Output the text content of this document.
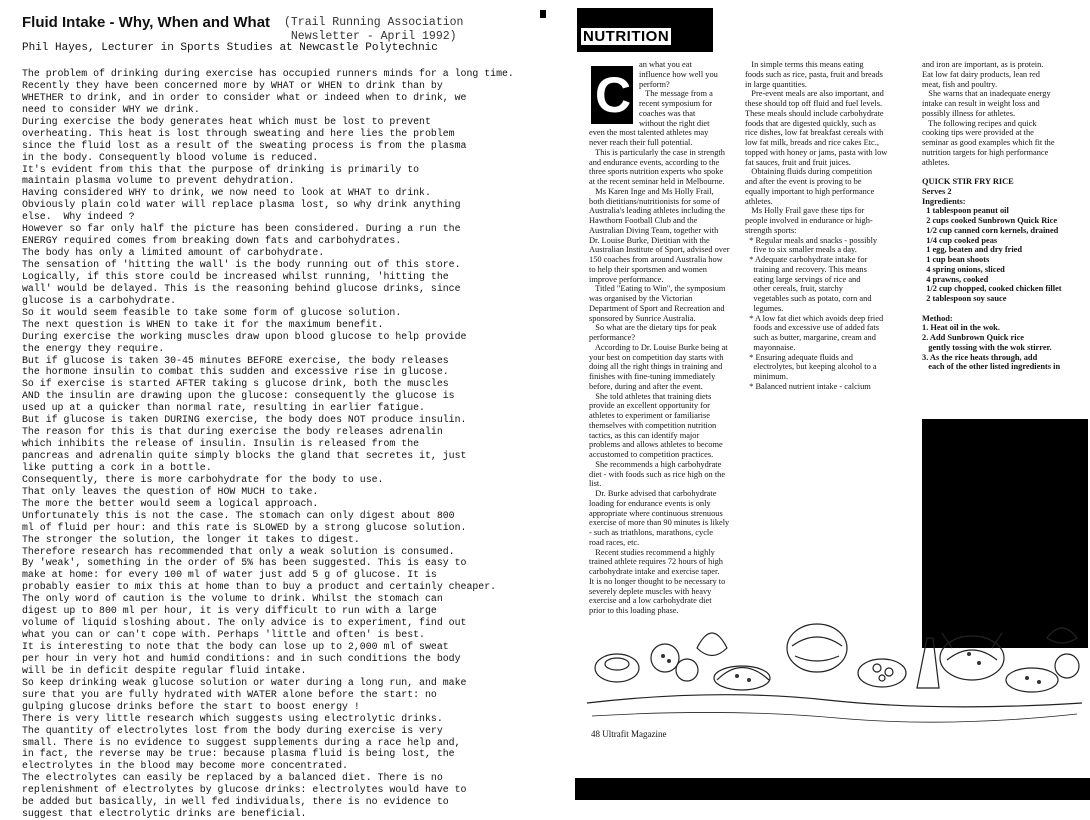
Fluid Intake - Why, When and What (Trail Running Association
Newsletter - April 1992)
Phil Hayes, Lecturer in Sports Studies at Newcastle Polytechnic
The problem of drinking during exercise has occupied runners minds for a long time.
Recently they have been concerned more by WHAT or WHEN to drink than by
WHETHER to drink, and in order to consider what or indeed when to drink, we
need to consider WHY we drink.
During exercise the body generates heat which must be lost to prevent
overheating. This heat is lost through sweating and here lies the problem
since the fluid lost as a result of the sweating process is from the plasma
in the body. Consequently blood volume is reduced.
It's evident from this that the purpose of drinking is primarily to
maintain plasma volume to prevent dehydration.
Having considered WHY to drink, we now need to look at WHAT to drink.
Obviously plain cold water will replace plasma lost, so why drink anything
else.  Why indeed ?
However so far only half the picture has been considered. During a run the
ENERGY required comes from breaking down fats and carbohydrates.
The body has only a limited amount of carbohydrate.
The sensation of 'hitting the wall' is the body running out of this store.
Logically, if this store could be increased whilst running, 'hitting the
wall' would be delayed. This is the reasoning behind glucose drinks, since
glucose is a carbohydrate.
So it would seem feasible to take some form of glucose solution.
The next question is WHEN to take it for the maximum benefit.
During exercise the working muscles draw upon blood glucose to help provide
the energy they require.
But if glucose is taken 30-45 minutes BEFORE exercise, the body releases
the hormone insulin to combat this sudden and excessive rise in glucose.
So if exercise is started AFTER taking s glucose drink, both the muscles
AND the insulin are drawing upon the glucose: consequently the glucose is
used up at a quicker than normal rate, resulting in earlier fatigue.
But if glucose is taken DURING exercise, the body does NOT produce insulin.
The reason for this is that during exercise the body releases adrenalin
which inhibits the release of insulin. Insulin is released from the
pancreas and adrenalin quite simply blocks the gland that secretes it, just
like putting a cork in a bottle.
Consequently, there is more carbohydrate for the body to use.
That only leaves the question of HOW MUCH to take.
The more the better would seem a logical approach.
Unfortunately this is not the case. The stomach can only digest about 800
ml of fluid per hour: and this rate is SLOWED by a strong glucose solution.
The stronger the solution, the longer it takes to digest.
Therefore research has recommended that only a weak solution is consumed.
By 'weak', something in the order of 5% has been suggested. This is easy to
make at home: for every 100 ml of water just add 5 g of glucose. It is
probably easier to mix this at home than to buy a product and certainly cheaper.
The only word of caution is the volume to drink. Whilst the stomach can
digest up to 800 ml per hour, it is very difficult to run with a large
volume of liquid sloshing about. The only advice is to experiment, find out
what you can or can't cope with. Perhaps 'little and often' is best.
It is interesting to note that the body can lose up to 2,000 ml of sweat
per hour in very hot and humid conditions: and in such conditions the body
will be in deficit despite regular fluid intake.
So keep drinking weak glucose solution or water during a long run, and make
sure that you are fully hydrated with WATER alone before the start: no
gulping glucose drinks before the start to boost energy !
There is very little research which suggests using electrolytic drinks.
The quantity of electrolytes lost from the body during exercise is very
small. There is no evidence to suggest supplements during a race help and,
in fact, the reverse may be true: because plasma fluid is being lost, the
electrolytes in the blood may become more concentrated.
The electrolytes can easily be replaced by a balanced diet. There is no
replenishment of electrolytes by glucose drinks: electrolytes would have to
be added but basically, in well fed individuals, there is no evidence to
suggest that electrolytic drinks are beneficial.
NUTRITION
an what you eat
influence how well you
perform?
The message from a
recent symposium for
coaches was that
without the right diet
even the most talented athletes may
never reach their full potential.
This is particularly the case in strength
and endurance events, according to the
three sports nutrition experts who spoke
at the recent seminar held in Melbourne.
Ms Karen Inge and Ms Holly Frail,
both dietitians/nutritionists for some of
Australia's leading athletes including the
Hawthorn Football Club and the
Australian Diving Team, together with
Dr. Louise Burke, Dietitian with the
Australian Institute of Sport, advised over
150 coaches from around Australia how
to help their sportsmen and women
improve performance.
Titled "Eating to Win", the symposium
was organised by the Victorian
Department of Sport and Recreation and
sponsored by Sunrice Australia.
So what are the dietary tips for peak
performance?
According to Dr. Louise Burke being at
your best on competition day starts with
doing all the right things in training and
finishes with fine-tuning immediately
before, during and after the event.
She told athletes that training diets
provide an excellent opportunity for
athletes to experiment or familiarise
themselves with competition nutrition
tactics, as this can identify major
problems and allows athletes to become
accustomed to competition practices.
She recommends a high carbohydrate
diet - with foods such as rice high on the
list.
Dr. Burke advised that carbohydrate
loading for endurance events is only
appropriate where continuous strenuous
exercise of more than 90 minutes is likely
- such as triathlons, marathons, cycle
road races, etc.
Recent studies recommend a highly
trained athlete requires 72 hours of high
carbohydrate intake and exercise taper.
It is no longer thought to be necessary to
severely deplete muscles with heavy
exercise and a low carbohydrate diet
prior to this loading phase.
C
In simple terms this means eating
foods such as rice, pasta, fruit and breads
in large quantities.
Pre-event meals are also important, and
these should top off fluid and fuel levels.
These meals should include carbohydrate
foods that are digested quickly, such as
rice dishes, low fat breakfast cereals with
low fat milk, breads and rice cakes Etc.,
topped with honey or jams, pasta with low
fat sauces, fruit and fruit juices.
Obtaining fluids during competition
and after the event is proving to be
equally important to high performance
athletes.
Ms Holly Frail gave these tips for
people involved in endurance or high-
strength sports:
* Regular meals and snacks - possibly
five to six smaller meals a day.
* Adequate carbohydrate intake for
training and recovery. This means
eating large servings of rice and
other cereals, fruit, starchy
vegetables such as potato, corn and
legumes.
* A low fat diet which avoids deep fried
foods and excessive use of added fats
such as butter, margarine, cream and
mayonnaise.
* Ensuring adequate fluids and
electrolytes, but keeping alcohol to a
minimum.
* Balanced nutrient intake - calcium
and iron are important, as is protein.
Eat low fat dairy products, lean red
meat, fish and poultry.
She warns that an inadequate energy
intake can result in weight loss and
possibly illness for athletes.
The following recipes and quick
cooking tips were provided at the
seminar as good examples which fit the
nutrition targets for high performance
athletes.
QUICK STIR FRY RICE
Serves 2
Ingredients:
1 tablespoon peanut oil
2 cups cooked Sunbrown Quick Rice
1/2 cup canned corn kernels, drained
1/4 cup cooked peas
1 egg, beaten and dry fried
1 cup bean shoots
4 spring onions, sliced
4 prawns, cooked
1/2 cup chopped, cooked chicken fillet
2 tablespoon soy sauce
Method:
1. Heat oil in the wok.
2. Add Sunbrown Quick rice
gently tossing with the wok stirrer.
3. As the rice heats through, add
each of the other listed ingredients in
48 Ultrafit Magazine
